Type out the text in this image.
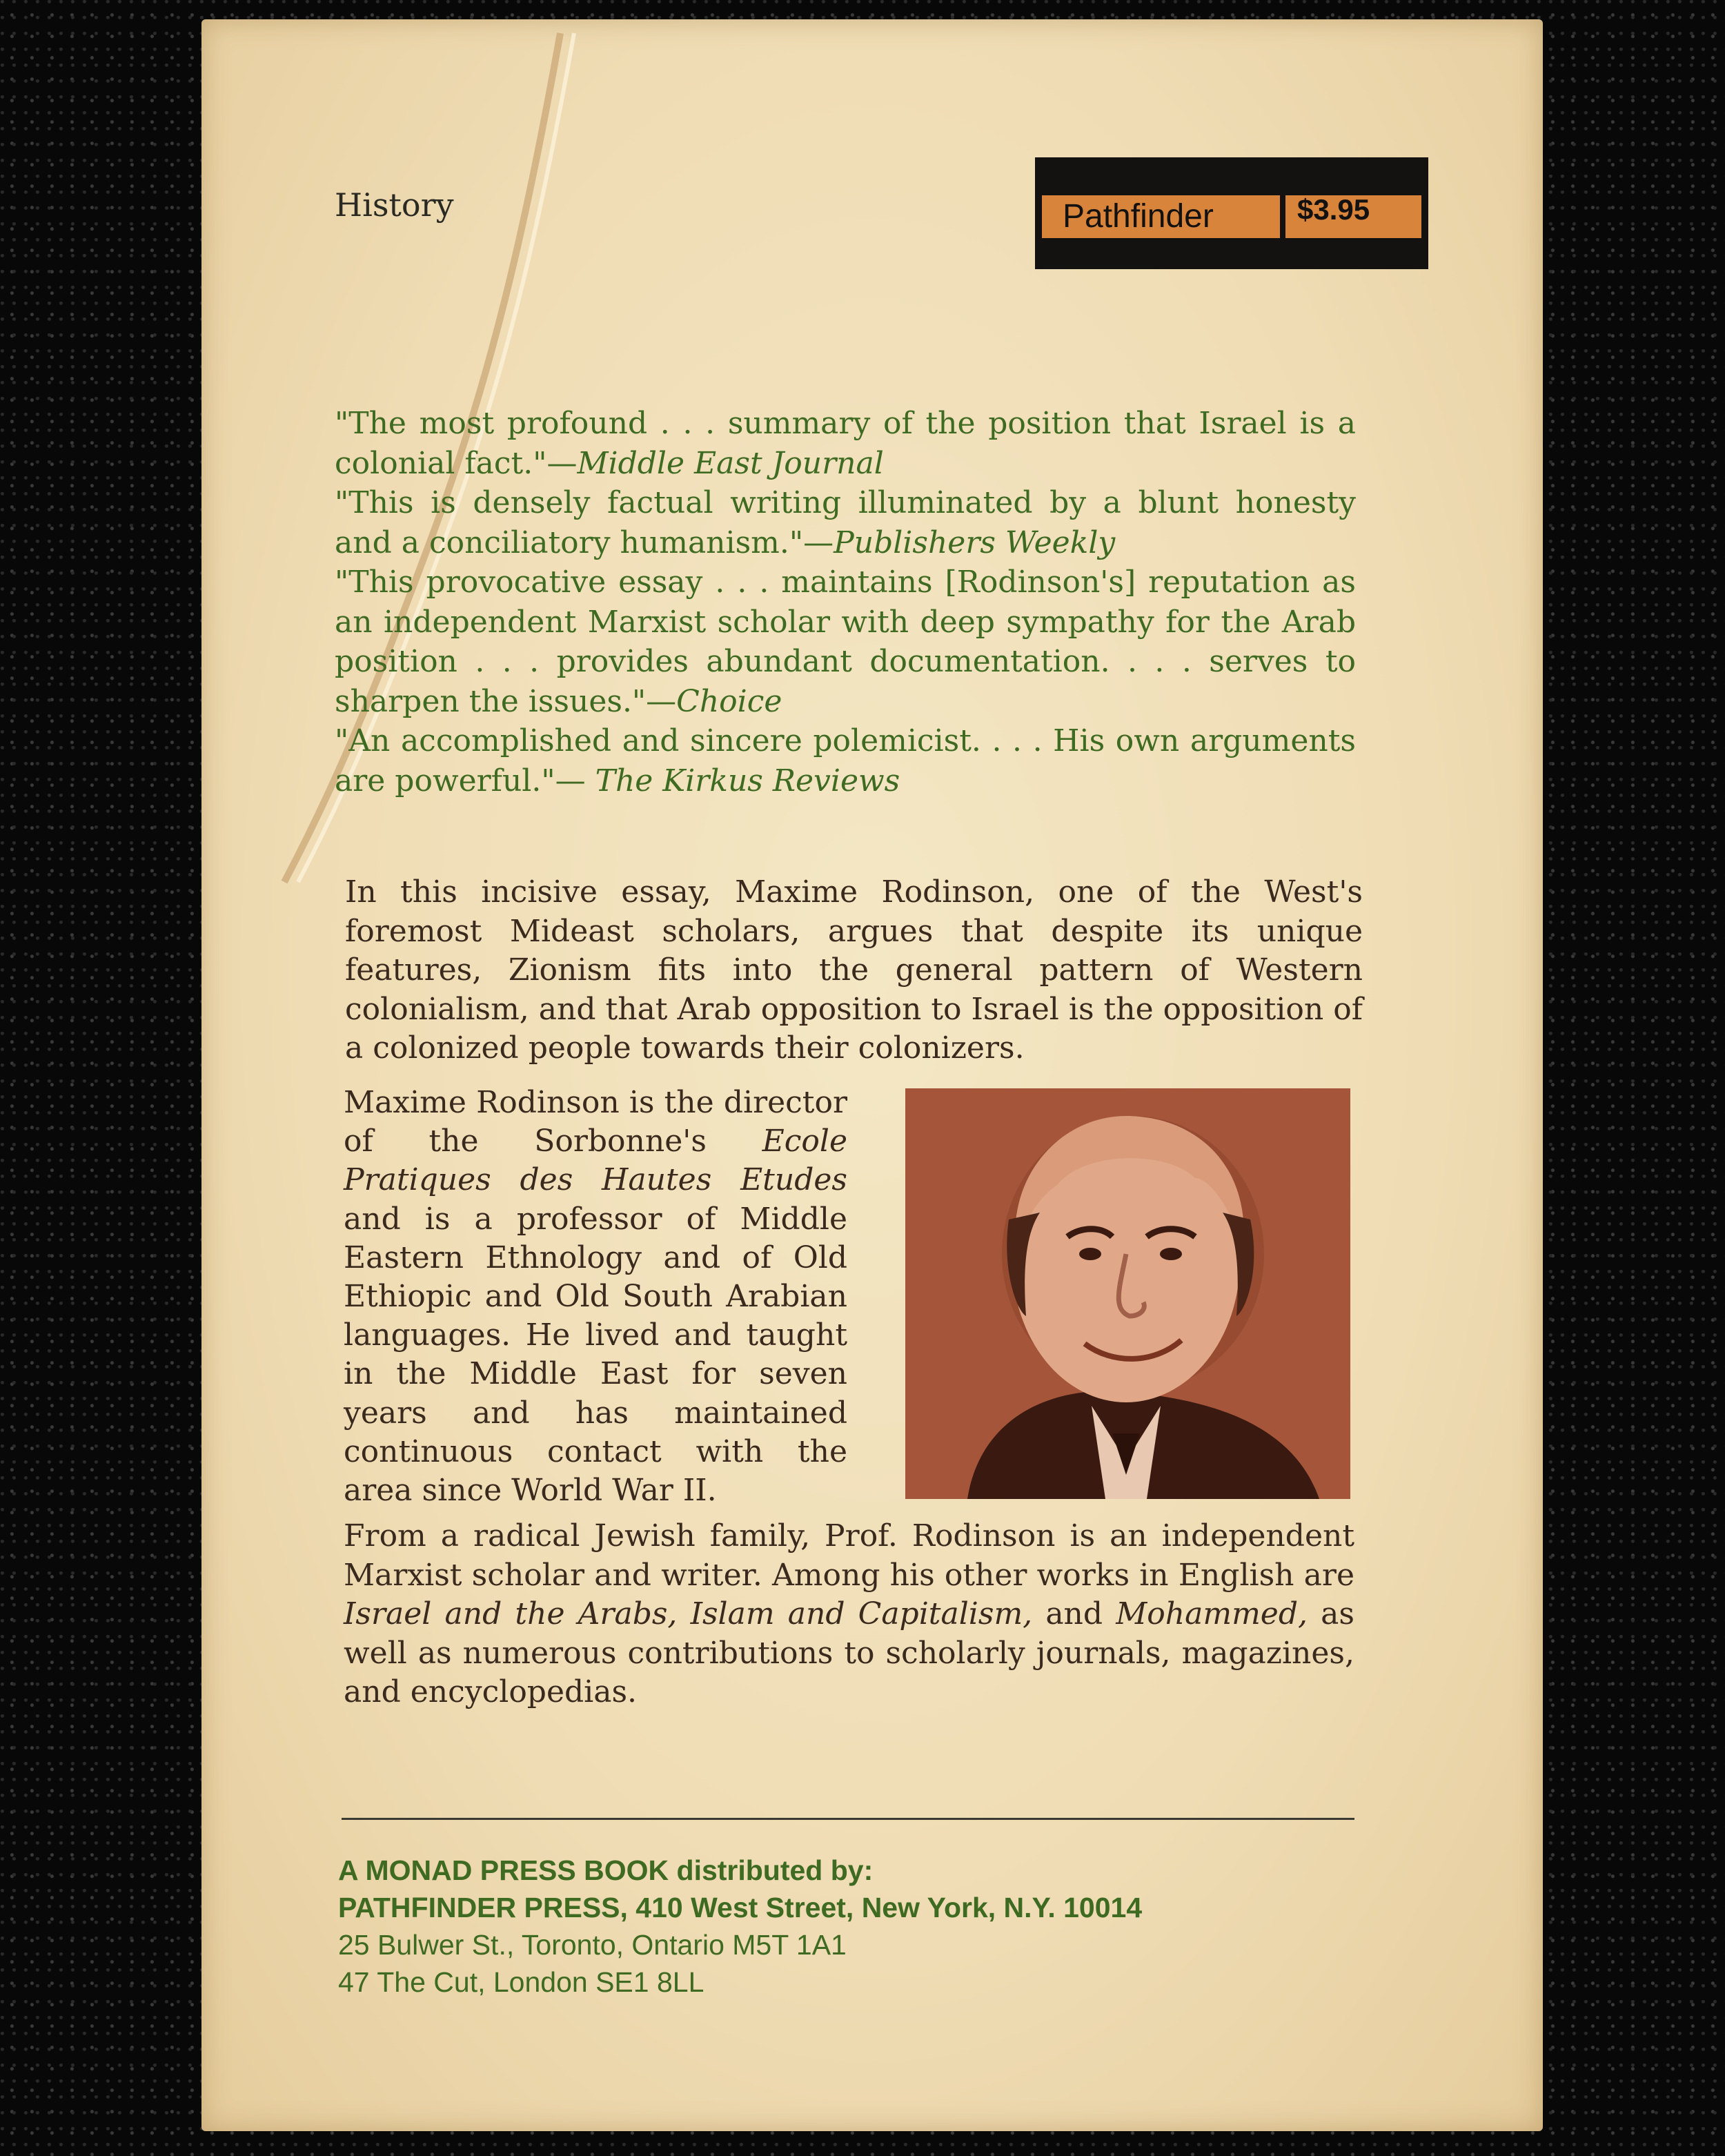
History	Pathfinder	$3.95

"The most profound . . . summary of the position that Israel is a colonial fact."—Middle East Journal

"This is densely factual writing illuminated by a blunt honesty and a conciliatory humanism."—Publishers Weekly

"This provocative essay . . . maintains [Rodinson's] reputation as an independent Marxist scholar with deep sympathy for the Arab position . . . provides abundant documentation. . . . serves to sharpen the issues."—Choice

"An accomplished and sincere polemicist. . . . His own arguments are powerful."— The Kirkus Reviews

In this incisive essay, Maxime Rodinson, one of the West's foremost Mideast scholars, argues that despite its unique features, Zionism fits into the general pattern of Western colonialism, and that Arab opposition to Israel is the opposition of a colonized people towards their colonizers.

Maxime Rodinson is the director of the Sorbonne's Ecole Pratiques des Hautes Etudes and is a professor of Middle Eastern Ethnology and of Old Ethiopic and Old South Arabian languages. He lived and taught in the Middle East for seven years and has maintained continuous contact with the area since World War II.

From a radical Jewish family, Prof. Rodinson is an independent Marxist scholar and writer. Among his other works in English are Israel and the Arabs, Islam and Capitalism, and Mohammed, as well as numerous contributions to scholarly journals, magazines, and encyclopedias.

A MONAD PRESS BOOK distributed by:
PATHFINDER PRESS, 410 West Street, New York, N.Y. 10014
25 Bulwer St., Toronto, Ontario M5T 1A1
47 The Cut, London SE1 8LL
